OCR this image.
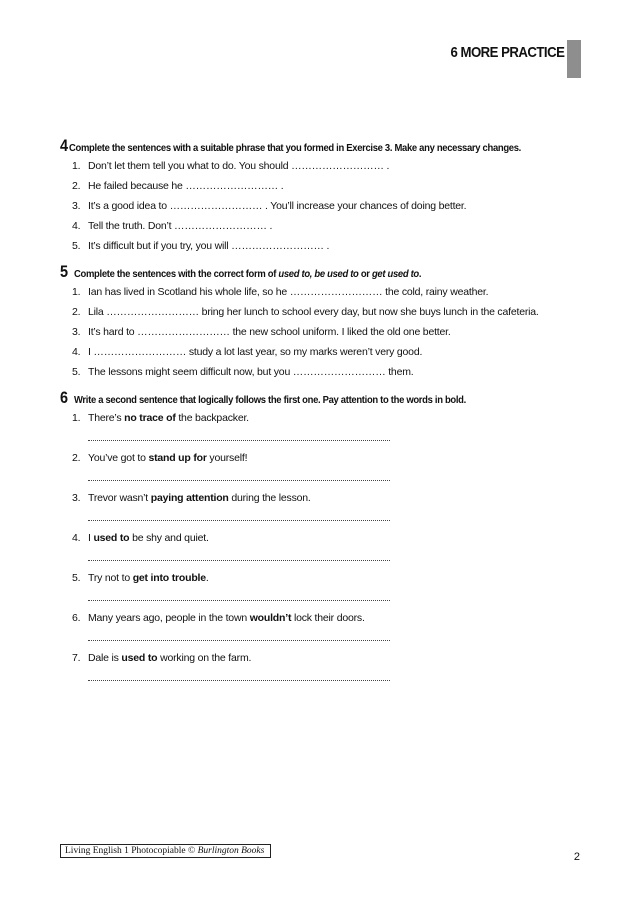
6 MORE PRACTICE
4 Complete the sentences with a suitable phrase that you formed in Exercise 3. Make any necessary changes.
1. Don’t let them tell you what to do. You should ……………………… .
2. He failed because he ……………………… .
3. It’s a good idea to ……………………… . You’ll increase your chances of doing better.
4. Tell the truth. Don’t ……………………… .
5. It’s difficult but if you try, you will ……………………… .
5 Complete the sentences with the correct form of used to, be used to or get used to.
1. Ian has lived in Scotland his whole life, so he ……………………… the cold, rainy weather.
2. Lila ……………………… bring her lunch to school every day, but now she buys lunch in the cafeteria.
3. It’s hard to ……………………… the new school uniform. I liked the old one better.
4. I ……………………… study a lot last year, so my marks weren’t very good.
5. The lessons might seem difficult now, but you ……………………… them.
6 Write a second sentence that logically follows the first one. Pay attention to the words in bold.
1. There’s no trace of the backpacker.
2. You’ve got to stand up for yourself!
3. Trevor wasn’t paying attention during the lesson.
4. I used to be shy and quiet.
5. Try not to get into trouble.
6. Many years ago, people in the town wouldn’t lock their doors.
7. Dale is used to working on the farm.
Living English 1 Photocopiable © Burlington Books	2
